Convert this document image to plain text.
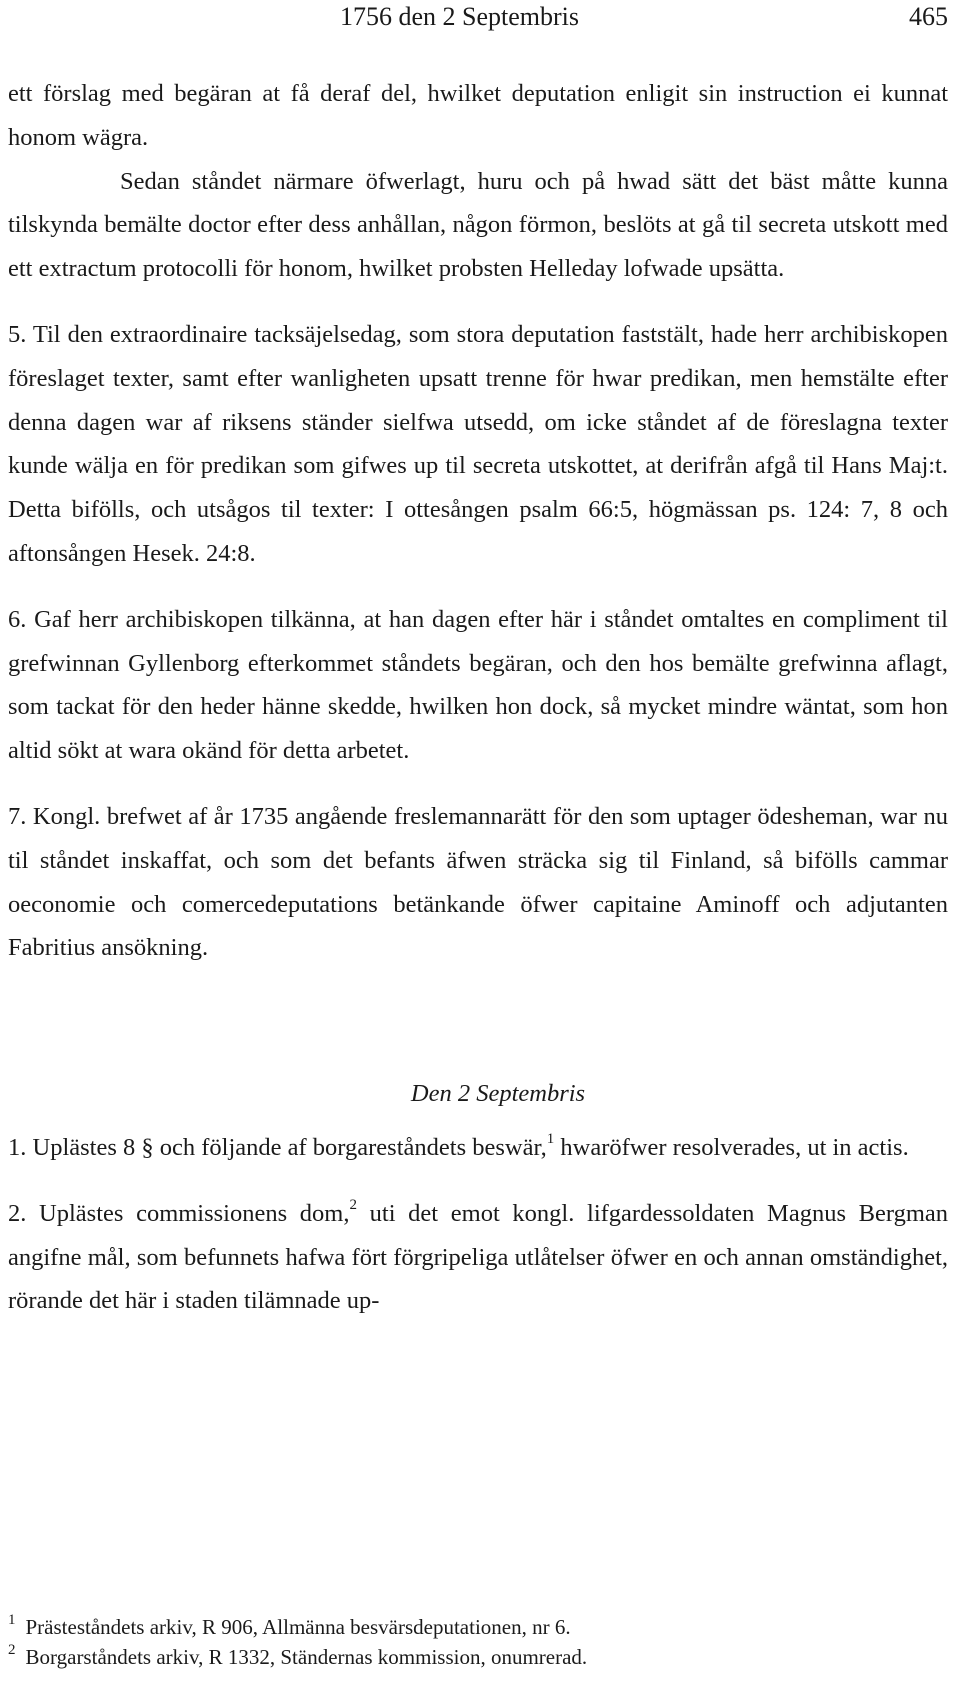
1756 den 2 Septembris	465

ett förslag med begäran at få deraf del, hwilket deputation enligit sin instruction ei kunnat honom wägra.

Sedan ståndet närmare öfwerlagt, huru och på hwad sätt det bäst måtte kunna tilskynda bemälte doctor efter dess anhållan, någon förmon, beslöts at gå til secreta utskott med ett extractum protocolli för honom, hwilket probsten Helleday lofwade upsätta.

5. Til den extraordinaire tacksäjelsedag, som stora deputation faststält, hade herr archibiskopen föreslaget texter, samt efter wanligheten upsatt trenne för hwar predikan, men hemstälte efter denna dagen war af riksens ständer sielfwa utsedd, om icke ståndet af de föreslagna texter kunde wälja en för predikan som gifwes up til secreta utskottet, at derifrån afgå til Hans Maj:t. Detta bifölls, och utsågos til texter: I ottesången psalm 66:5, högmässan ps. 124: 7, 8 och aftonsången Hesek. 24:8.

6. Gaf herr archibiskopen tilkänna, at han dagen efter här i ståndet omtaltes en compliment til grefwinnan Gyllenborg efterkommet ståndets begäran, och den hos bemälte grefwinna aflagt, som tackat för den heder hänne skedde, hwilken hon dock, så mycket mindre wäntat, som hon altid sökt at wara okänd för detta arbetet.

7. Kongl. brefwet af år 1735 angående freslemannarätt för den som uptager ödesheman, war nu til ståndet inskaffat, och som det befants äfwen sträcka sig til Finland, så bifölls cammar oeconomie och comercedeputations betänkande öfwer capitaine Aminoff och adjutanten Fabritius ansökning.

Den 2 Septembris

1. Uplästes 8 § och följande af borgareståndets beswär,$^1$ hwaröfwer resolverades, ut in actis.

2. Uplästes commissionens dom,$^2$ uti det emot kongl. lifgardessoldaten Magnus Bergman angifne mål, som befunnets hafwa fört förgripeliga utlåtelser öfwer en och annan omständighet, rörande det här i staden tilämnade up-

$^1$ Prästeståndets arkiv, R 906, Allmänna besvärsdeputationen, nr 6.

$^2$ Borgarståndets arkiv, R 1332, Ständernas kommission, onumrerad.
